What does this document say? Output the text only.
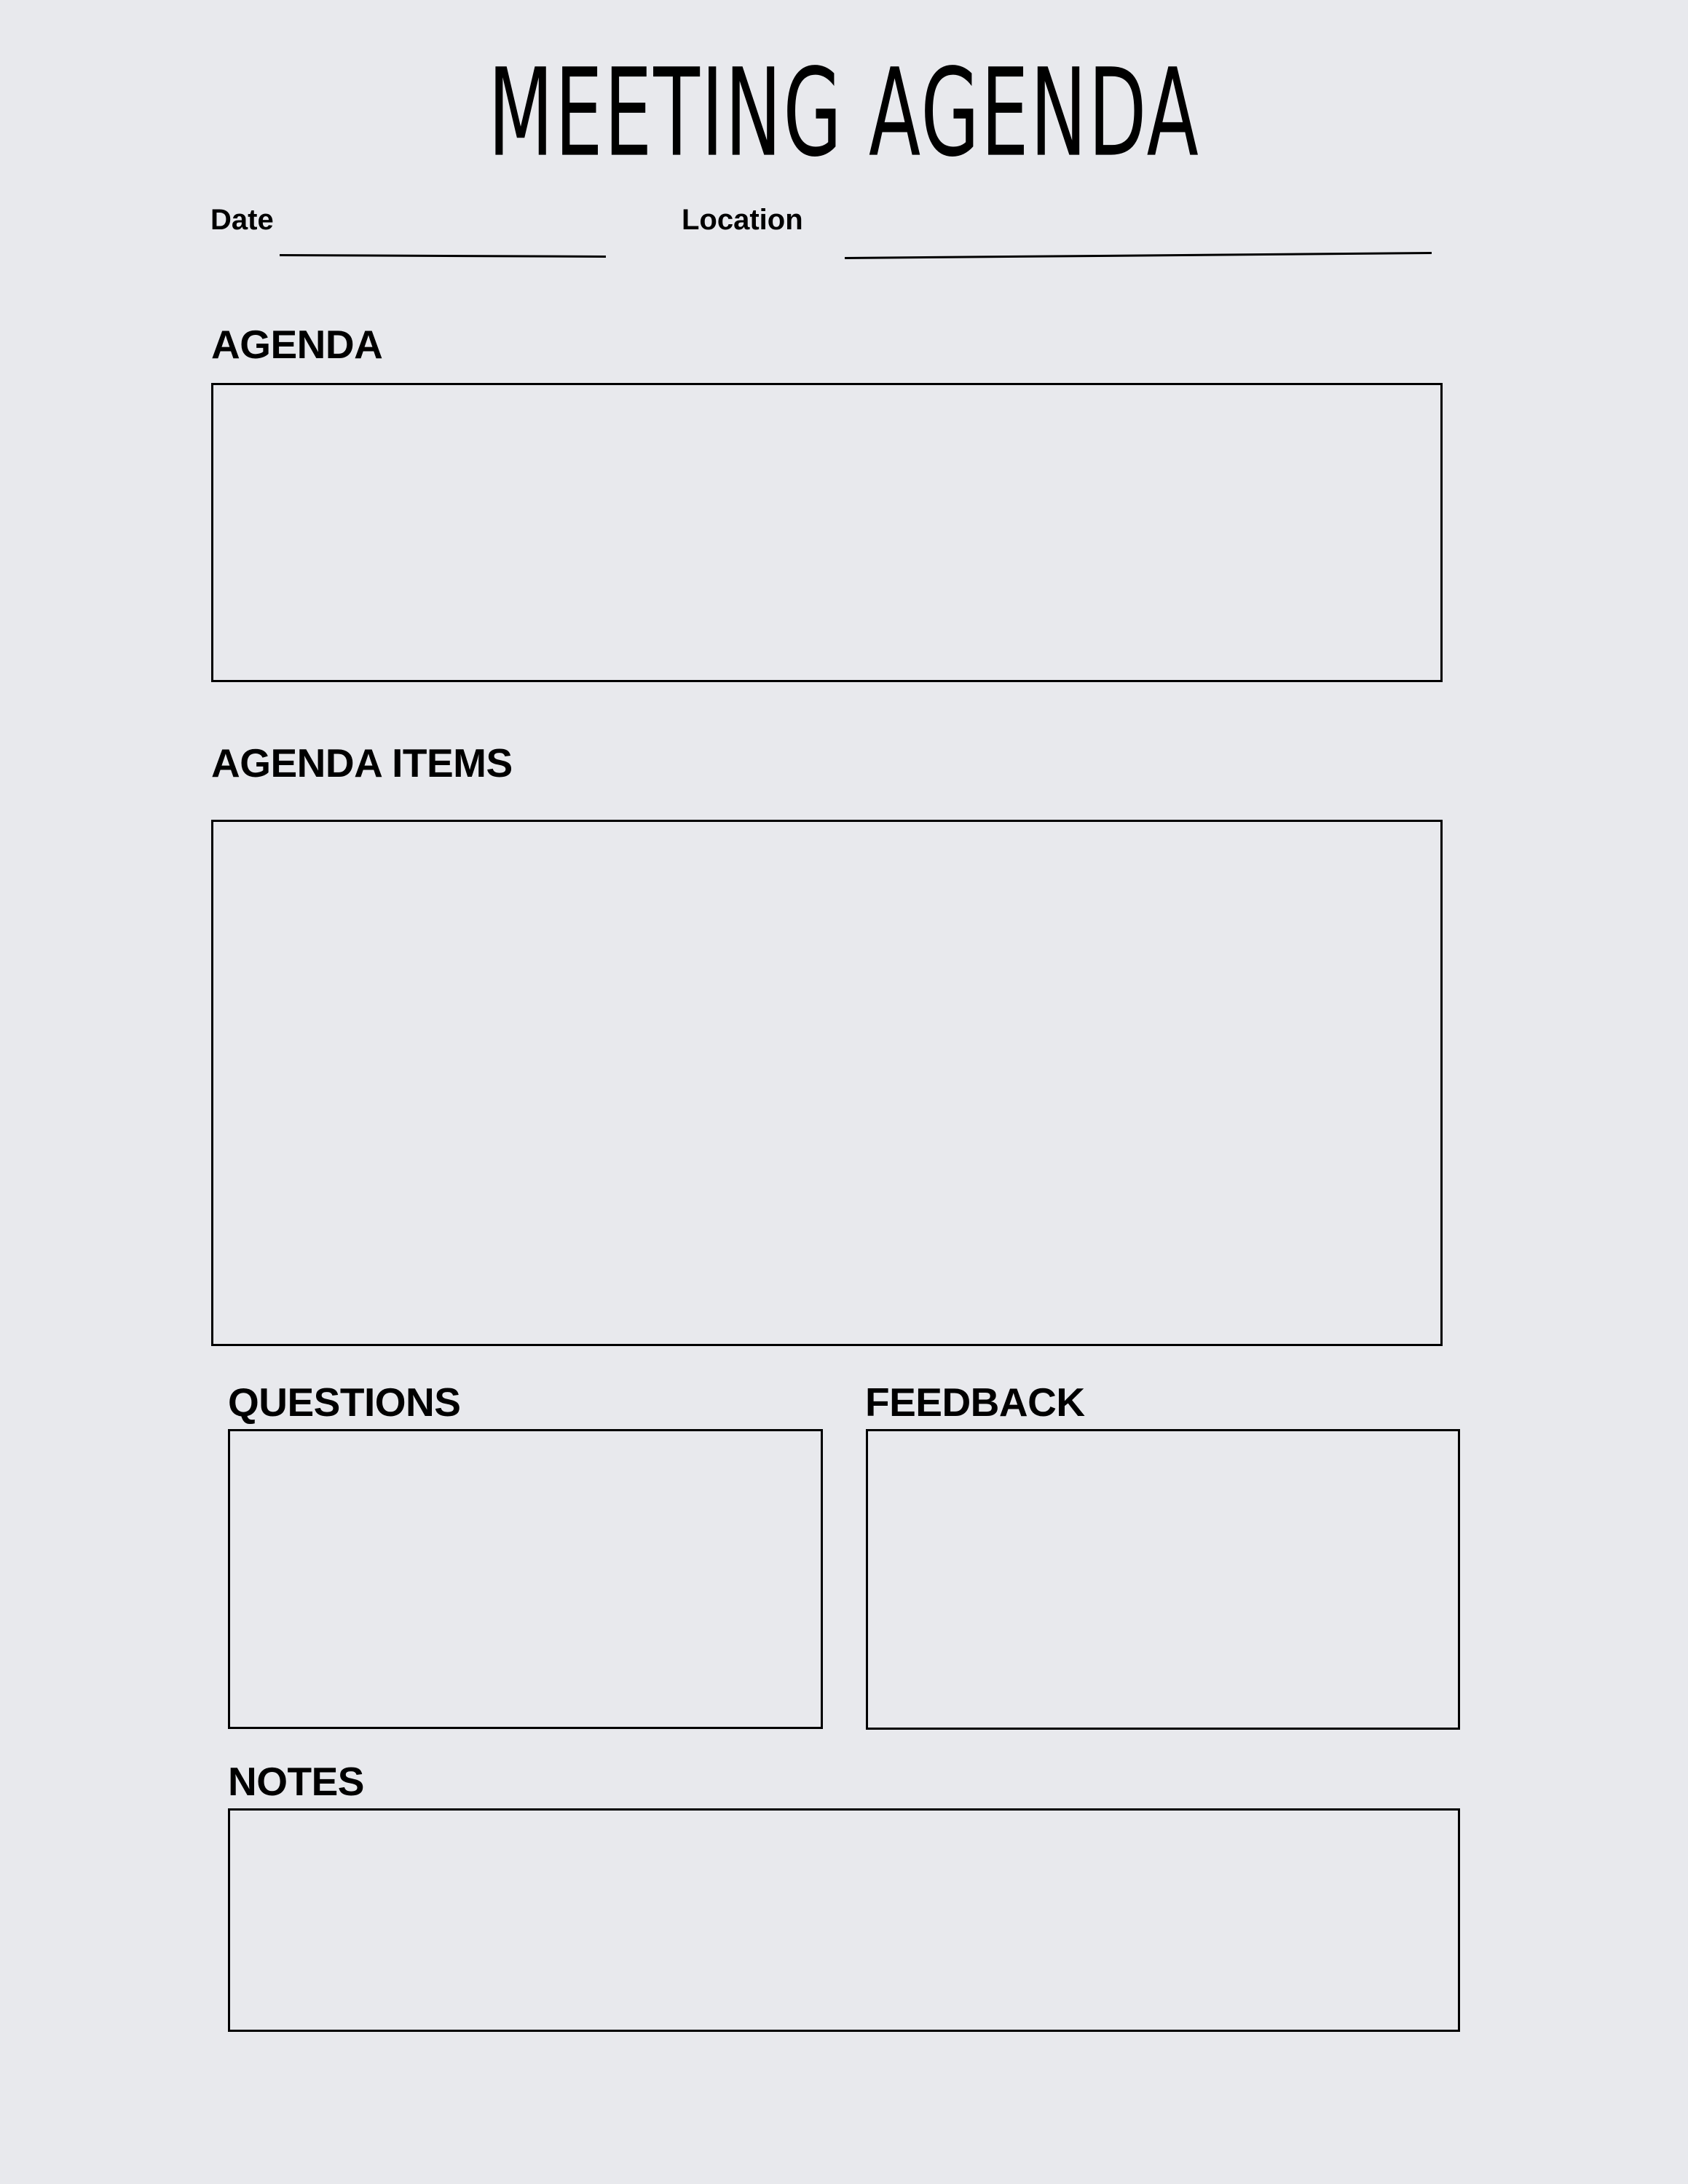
MEETING AGENDA
Date	Location
AGENDA
AGENDA ITEMS
QUESTIONS	FEEDBACK
NOTES
